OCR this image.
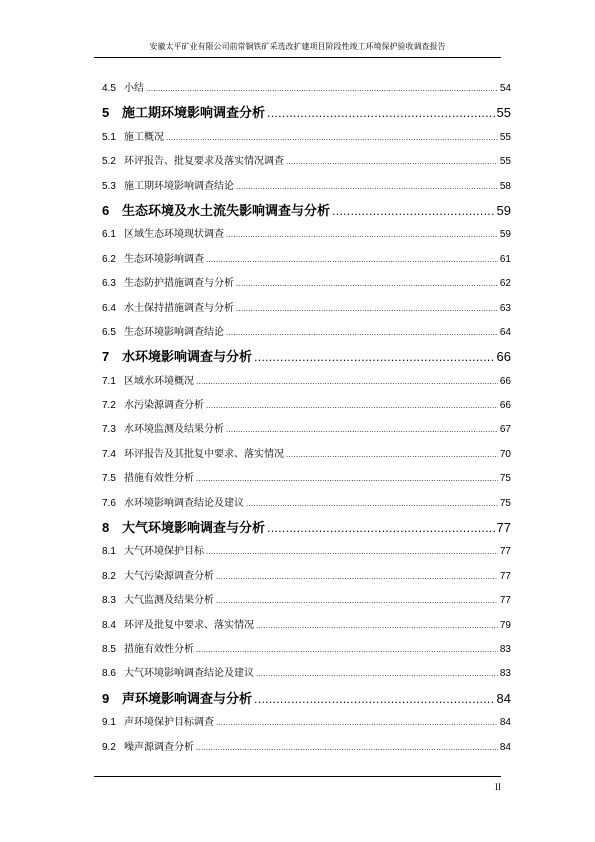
安徽太平矿业有限公司前常铜铁矿采选改扩建项目阶段性竣工环境保护验收调查报告
4.5 小结 .....	54
5 施工期环境影响调查分析 .....	55
5.1 施工概况 .....	55
5.2 环评报告、批复要求及落实情况调查 .....	55
5.3 施工期环境影响调查结论 .....	58
6 生态环境及水土流失影响调查与分析 .....	59
6.1 区域生态环境现状调查 .....	59
6.2 生态环境影响调查 .....	61
6.3 生态防护措施调查与分析 .....	62
6.4 水土保持措施调查与分析 .....	63
6.5 生态环境影响调查结论 .....	64
7 水环境影响调查与分析 .....	66
7.1 区域水环境概况 .....	66
7.2 水污染源调查分析 .....	66
7.3 水环境监测及结果分析 .....	67
7.4 环评报告及其批复中要求、落实情况 .....	70
7.5 措施有效性分析 .....	75
7.6 水环境影响调查结论及建议 .....	75
8 大气环境影响调查与分析 .....	77
8.1 大气环境保护目标 .....	77
8.2 大气污染源调查分析 .....	77
8.3 大气监测及结果分析 .....	77
8.4 环评及批复中要求、落实情况 .....	79
8.5 措施有效性分析 .....	83
8.6 大气环境影响调查结论及建议 .....	83
9 声环境影响调查与分析 .....	84
9.1 声环境保护目标调查 .....	84
9.2 噪声源调查分析 .....	84
II
